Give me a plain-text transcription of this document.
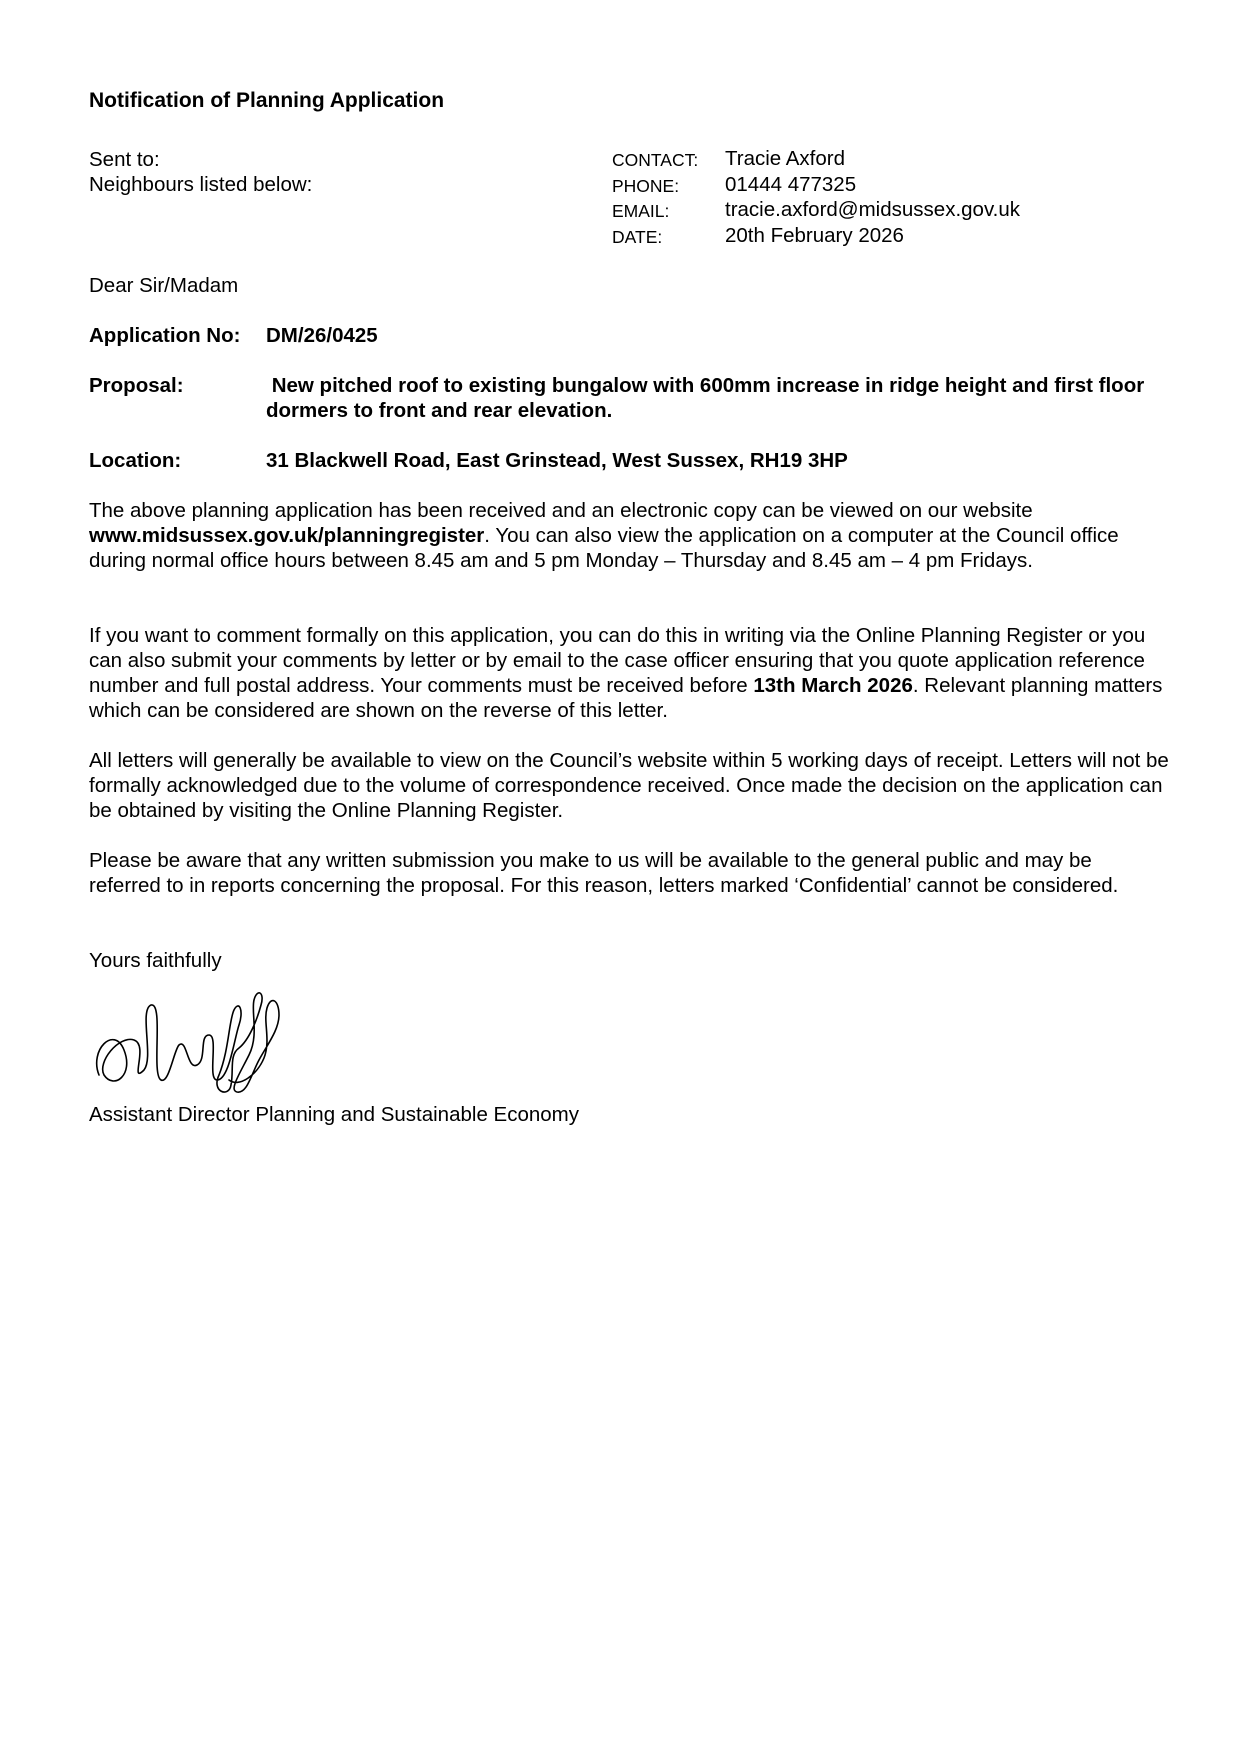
Notification of Planning Application

Sent to:
Neighbours listed below:
CONTACT:	Tracie Axford
PHONE:	01444 477325
EMAIL:	tracie.axford@midsussex.gov.uk
DATE:	20th February 2026

Dear Sir/Madam

Application No: DM/26/0425

Proposal:	New pitched roof to existing bungalow with 600mm increase in ridge height and first floor dormers to front and rear elevation.

Location:	31 Blackwell Road, East Grinstead, West Sussex, RH19 3HP

The above planning application has been received and an electronic copy can be viewed on our website www.midsussex.gov.uk/planningregister. You can also view the application on a computer at the Council office during normal office hours between 8.45 am and 5 pm Monday – Thursday and 8.45 am – 4 pm Fridays.

If you want to comment formally on this application, you can do this in writing via the Online Planning Register or you can also submit your comments by letter or by email to the case officer ensuring that you quote application reference number and full postal address. Your comments must be received before 13th March 2026. Relevant planning matters which can be considered are shown on the reverse of this letter.

All letters will generally be available to view on the Council’s website within 5 working days of receipt. Letters will not be formally acknowledged due to the volume of correspondence received. Once made the decision on the application can be obtained by visiting the Online Planning Register.

Please be aware that any written submission you make to us will be available to the general public and may be referred to in reports concerning the proposal. For this reason, letters marked ‘Confidential’ cannot be considered.

Yours faithfully

Assistant Director Planning and Sustainable Economy
